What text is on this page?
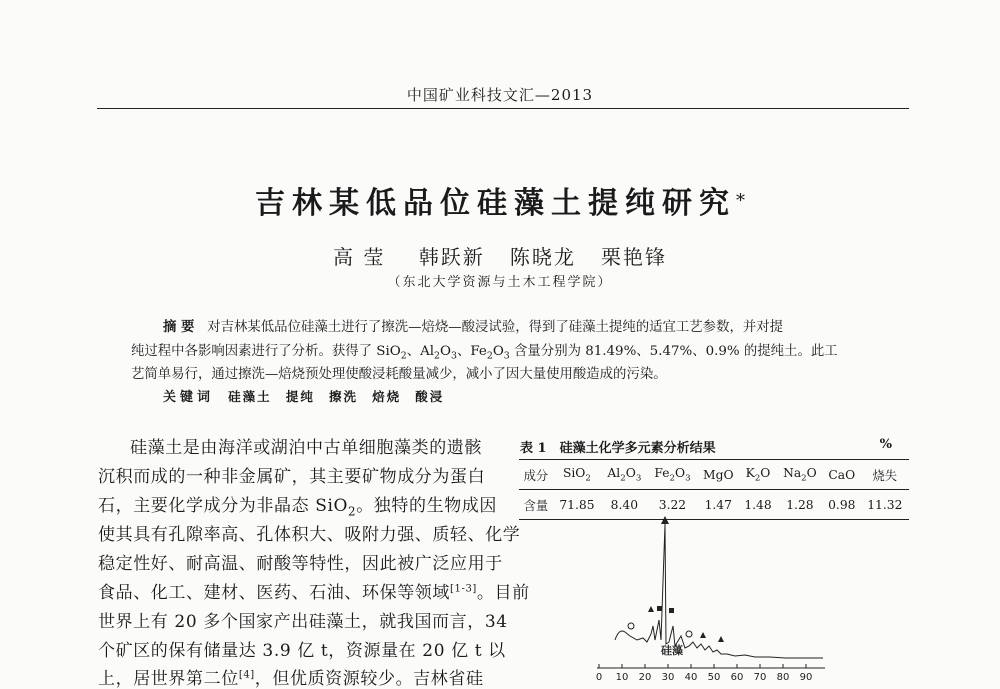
中国矿业科技文汇—2013
吉林某低品位硅藻土提纯研究*
高 莹 韩跃新 陈晓龙 栗艳锋
（东北大学资源与土木工程学院）
摘 要 对吉林某低品位硅藻土进行了擦洗—焙烧—酸浸试验，得到了硅藻土提纯的适宜工艺参数，并对提
纯过程中各影响因素进行了分析。获得了 SiO$_2$、$Al_2O_3$、$Fe_2O_3$ 含量分别为 81.49%、5.47%、0.9% 的提纯土。此工
艺简单易行，通过擦洗—焙烧预处理使酸浸耗酸量减少，减小了因大量使用酸造成的污染。
关键词 硅藻土 提纯 擦洗 焙烧 酸浸
硅藻土是由海洋或湖泊中古单细胞藻类的遗骸
沉积而成的一种非金属矿，其主要矿物成分为蛋白
石，主要化学成分为非晶态 SiO$_2$。独特的生物成因
使其具有孔隙率高、孔体积大、吸附力强、质轻、化学
稳定性好、耐高温、耐酸等特性，因此被广泛应用于
食品、化工、建材、医药、石油、环保等领域[1-3]。目前
世界上有 20 多个国家产出硅藻土，就我国而言，34
个矿区的保有储量达 3.9 亿 t，资源量在 20 亿 t 以
上，居世界第二位[4]，但优质资源较少。吉林省硅
表 1　硅藻土化学多元素分析结果	%
成分	SiO$_2$	$Al_2O_3$	$Fe_2O_3$	MgO	$K_2O$	$Na_2O$	CaO	烧失
含量	71.85	8.40	3.22	1.47	1.48	1.28	0.98	11.32
硅藻
0 10 20 30 40 50 60 70 80 90
